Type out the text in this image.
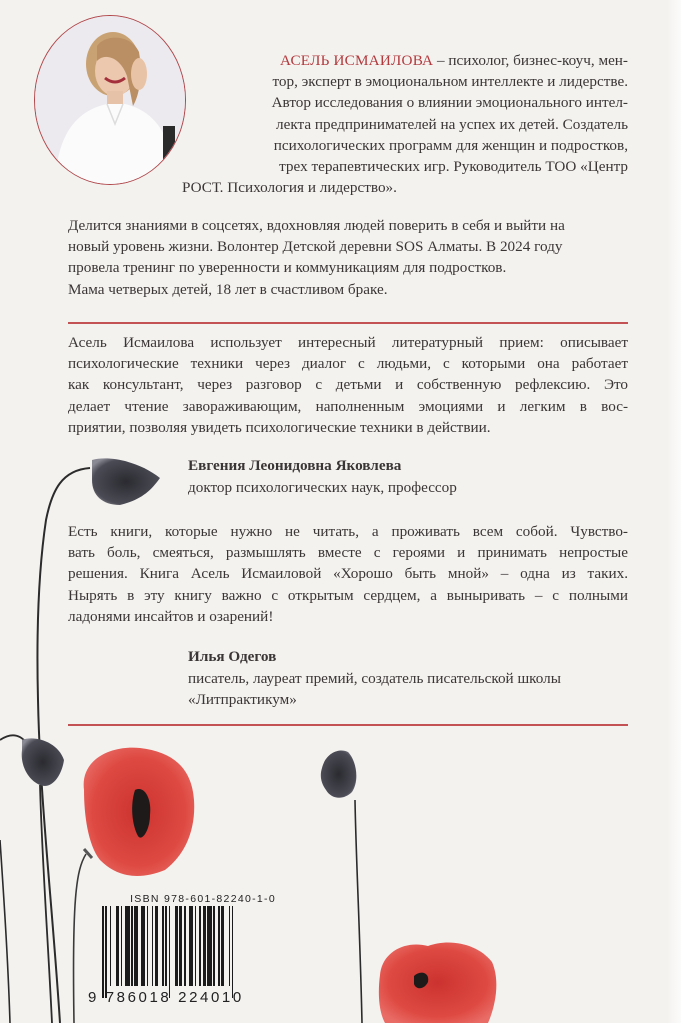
АСЕЛЬ ИСМАИЛОВА – психолог, бизнес-коуч, мен-
тор, эксперт в эмоциональном интеллекте и лидерстве.
Автор исследования о влиянии эмоционального интел-
лекта предпринимателей на успех их детей. Создатель
психологических программ для женщин и подростков,
трех терапевтических игр. Руководитель ТОО «Центр
РОСТ. Психология и лидерство».
Делится знаниями в соцсетях, вдохновляя людей поверить в себя и выйти на
новый уровень жизни. Волонтер Детской деревни SOS Алматы. В 2024 году
провела тренинг по уверенности и коммуникациям для подростков.
Мама четверых детей, 18 лет в счастливом браке.
Асель Исмаилова использует интересный литературный прием: описывает
психологические техники через диалог с людьми, с которыми она работает
как консультант, через разговор с детьми и собственную рефлексию. Это
делает чтение завораживающим, наполненным эмоциями и легким в вос-
приятии, позволяя увидеть психологические техники в действии.
Евгения Леонидовна Яковлева
доктор психологических наук, профессор
Есть книги, которые нужно не читать, а проживать всем собой. Чувство-
вать боль, смеяться, размышлять вместе с героями и принимать непростые
решения. Книга Асель Исмаиловой «Хорошо быть мной» – одна из таких.
Нырять в эту книгу важно с открытым сердцем, а выныривать – с полными
ладонями инсайтов и озарений!
Илья Одегов
писатель, лауреат премий, создатель писательской школы
«Литпрактикум»
ISBN 978-601-82240-1-0
9 786018 224010
